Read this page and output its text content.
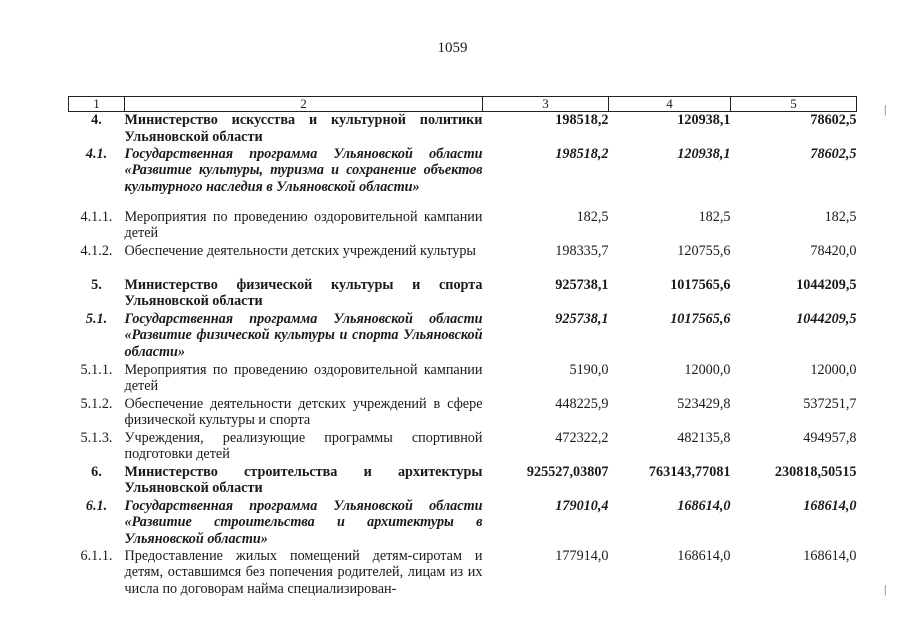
1059
1	2	3	4	5
4.	Министерство искусства и культурной политики Ульяновской области	198518,2	120938,1	78602,5
4.1.	Государственная программа Ульяновской области «Развитие культуры, туризма и сохранение объектов культурного наследия в Ульяновской области»	198518,2	120938,1	78602,5
4.1.1.	Мероприятия по проведению оздоровительной кампании детей	182,5	182,5	182,5
4.1.2.	Обеспечение деятельности детских учреждений культуры	198335,7	120755,6	78420,0
5.	Министерство физической культуры и спорта Ульяновской области	925738,1	1017565,6	1044209,5
5.1.	Государственная программа Ульяновской области «Развитие физической культуры и спорта Ульяновской области»	925738,1	1017565,6	1044209,5
5.1.1.	Мероприятия по проведению оздоровительной кампании детей	5190,0	12000,0	12000,0
5.1.2.	Обеспечение деятельности детских учреждений в сфере физической культуры и спорта	448225,9	523429,8	537251,7
5.1.3.	Учреждения, реализующие программы спортивной подготовки детей	472322,2	482135,8	494957,8
6.	Министерство строительства и архитектуры Ульяновской области	925527,03807	763143,77081	230818,50515
6.1.	Государственная программа Ульяновской области «Развитие строительства и архитектуры в Ульяновской области»	179010,4	168614,0	168614,0
6.1.1.	Предоставление жилых помещений детям-сиротам и детям, оставшимся без попечения родителей, лицам из их числа по договорам найма специализирован-	177914,0	168614,0	168614,0
|
|
